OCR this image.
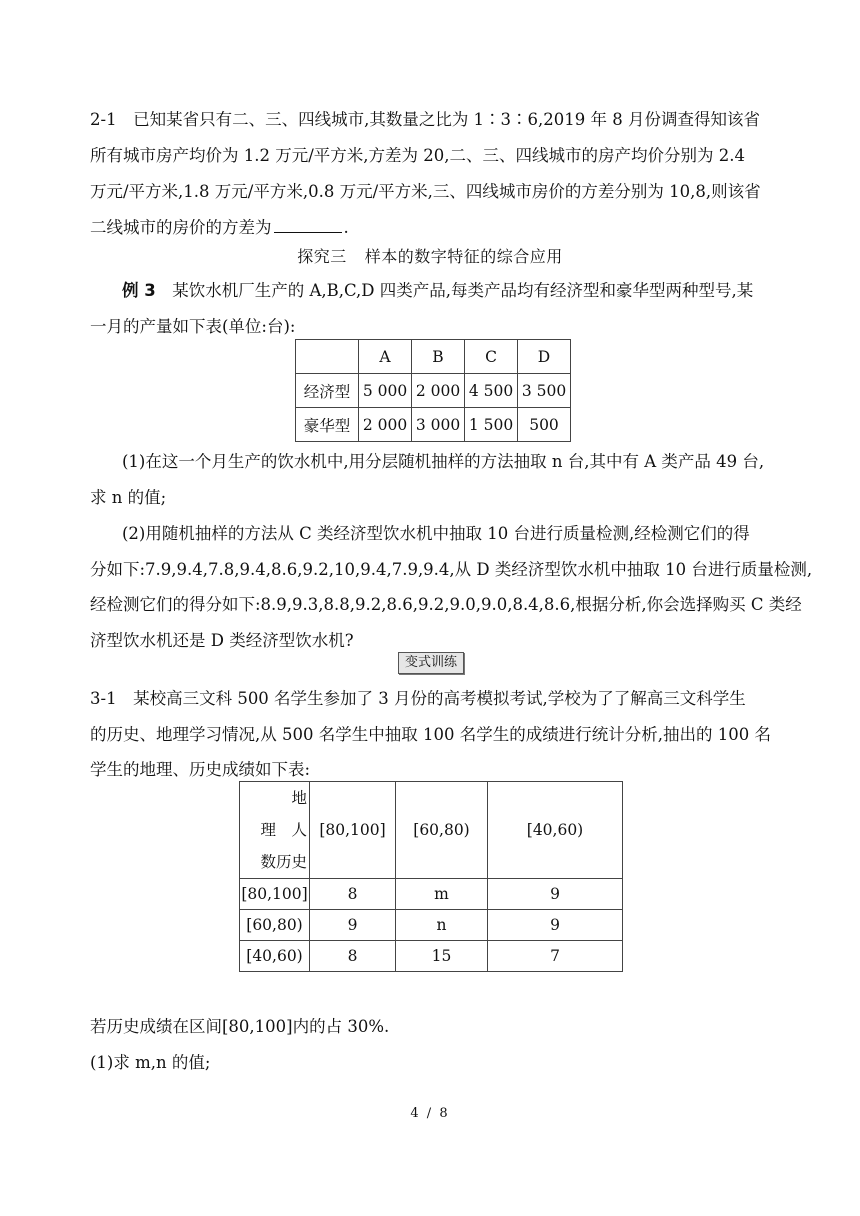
2-1　已知某省只有二、三、四线城市,其数量之比为 1∶3∶6,2019 年 8 月份调查得知该省
所有城市房产均价为 1.2 万元/平方米,方差为 20,二、三、四线城市的房产均价分别为 2.4
万元/平方米,1.8 万元/平方米,0.8 万元/平方米,三、四线城市房价的方差分别为 10,8,则该省
二线城市的房价的方差为	.
探究三 样本的数字特征的综合应用
例 3　 某饮水机厂生产的 A,B,C,D 四类产品,每类产品均有经济型和豪华型两种型号,某
一月的产量如下表(单位:台):
	A	B	C	D
经济型	5 000	2 000	4 500	3 500
豪华型	2 000	3 000	1 500	500
(1)在这一个月生产的饮水机中,用分层随机抽样的方法抽取 n 台,其中有 A 类产品 49 台,
求 n 的值;
(2)用随机抽样的方法从 C 类经济型饮水机中抽取 10 台进行质量检测,经检测它们的得
分如下:7.9,9.4,7.8,9.4,8.6,9.2,10,9.4,7.9,9.4,从 D 类经济型饮水机中抽取 10 台进行质量检测,
经检测它们的得分如下:8.9,9.3,8.8,9.2,8.6,9.2,9.0,9.0,8.4,8.6,根据分析,你会选择购买 C 类经
济型饮水机还是 D 类经济型饮水机?
变式训练
3-1　某校高三文科 500 名学生参加了 3 月份的高考模拟考试,学校为了了解高三文科学生
的历史、地理学习情况,从 500 名学生中抽取 100 名学生的成绩进行统计分析,抽出的 100 名
学生的地理、历史成绩如下表:
地
理　人
数历史	[80,100]	[60,80)	[40,60)
[80,100]	8	m	9
[60,80)	9	n	9
[40,60)	8	15	7
若历史成绩在区间[80,100]内的占 30%.
(1)求 m,n 的值;
4 / 8
